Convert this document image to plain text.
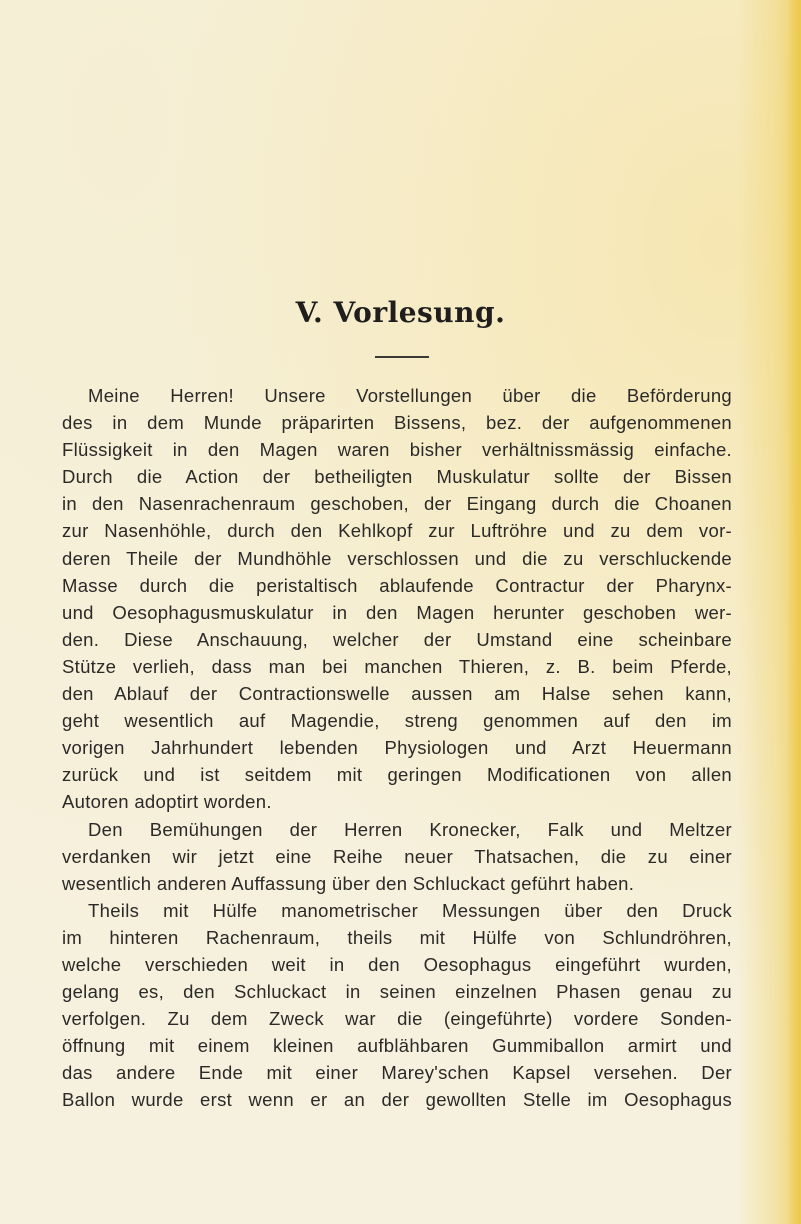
V. Vorlesung.
Meine Herren! Unsere Vorstellungen über die Beförderung
des in dem Munde präparirten Bissens, bez. der aufgenommenen
Flüssigkeit in den Magen waren bisher verhältnissmässig einfache.
Durch die Action der betheiligten Muskulatur sollte der Bissen
in den Nasenrachenraum geschoben, der Eingang durch die Choanen
zur Nasenhöhle, durch den Kehlkopf zur Luftröhre und zu dem vor-
deren Theile der Mundhöhle verschlossen und die zu verschluckende
Masse durch die peristaltisch ablaufende Contractur der Pharynx-
und Oesophagusmuskulatur in den Magen herunter geschoben wer-
den. Diese Anschauung, welcher der Umstand eine scheinbare
Stütze verlieh, dass man bei manchen Thieren, z. B. beim Pferde,
den Ablauf der Contractionswelle aussen am Halse sehen kann,
geht wesentlich auf Magendie, streng genommen auf den im
vorigen Jahrhundert lebenden Physiologen und Arzt Heuermann
zurück und ist seitdem mit geringen Modificationen von allen
Autoren adoptirt worden.
Den Bemühungen der Herren Kronecker, Falk und Meltzer
verdanken wir jetzt eine Reihe neuer Thatsachen, die zu einer
wesentlich anderen Auffassung über den Schluckact geführt haben.
Theils mit Hülfe manometrischer Messungen über den Druck
im hinteren Rachenraum, theils mit Hülfe von Schlundröhren,
welche verschieden weit in den Oesophagus eingeführt wurden,
gelang es, den Schluckact in seinen einzelnen Phasen genau zu
verfolgen. Zu dem Zweck war die (eingeführte) vordere Sonden-
öffnung mit einem kleinen aufblähbaren Gummiballon armirt und
das andere Ende mit einer Marey'schen Kapsel versehen. Der
Ballon wurde erst wenn er an der gewollten Stelle im Oesophagus
